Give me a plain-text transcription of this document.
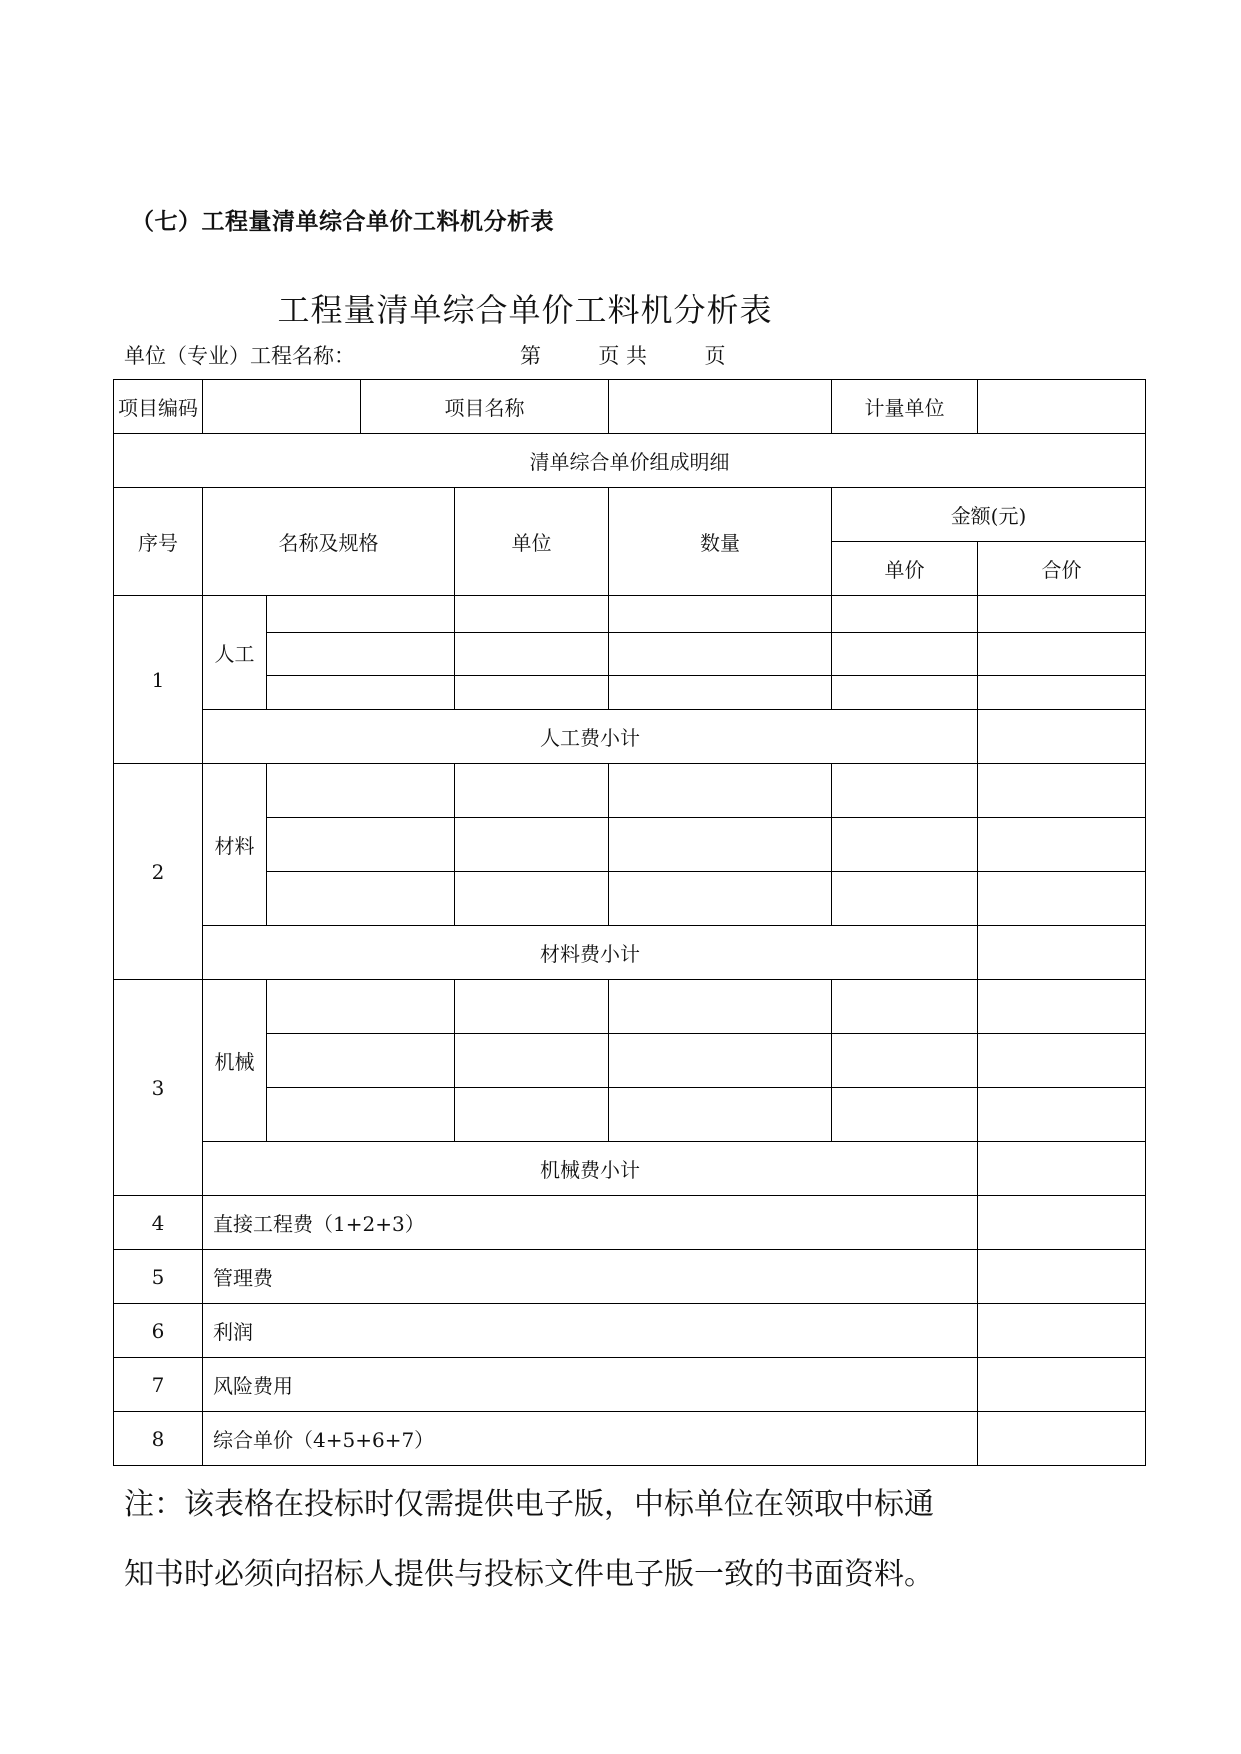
（七）工程量清单综合单价工料机分析表
工程量清单综合单价工料机分析表
单位（专业）工程名称：	第	页 共	页
项目编码			项目名称			计量单位	
清单综合单价组成明细							
序号	名称及规格			单位	数量	金额(元)	
						单价	合价
1	人工						

	人工费小计						
2	材料						

	材料费小计						
3	机械						

	机械费小计						
4	直接工程费（1+2+3）						
5	管理费						
6	利润						
7	风险费用						
8	综合单价（4+5+6+7）						
注：该表格在投标时仅需提供电子版，中标单位在领取中标通
知书时必须向招标人提供与投标文件电子版一致的书面资料。
